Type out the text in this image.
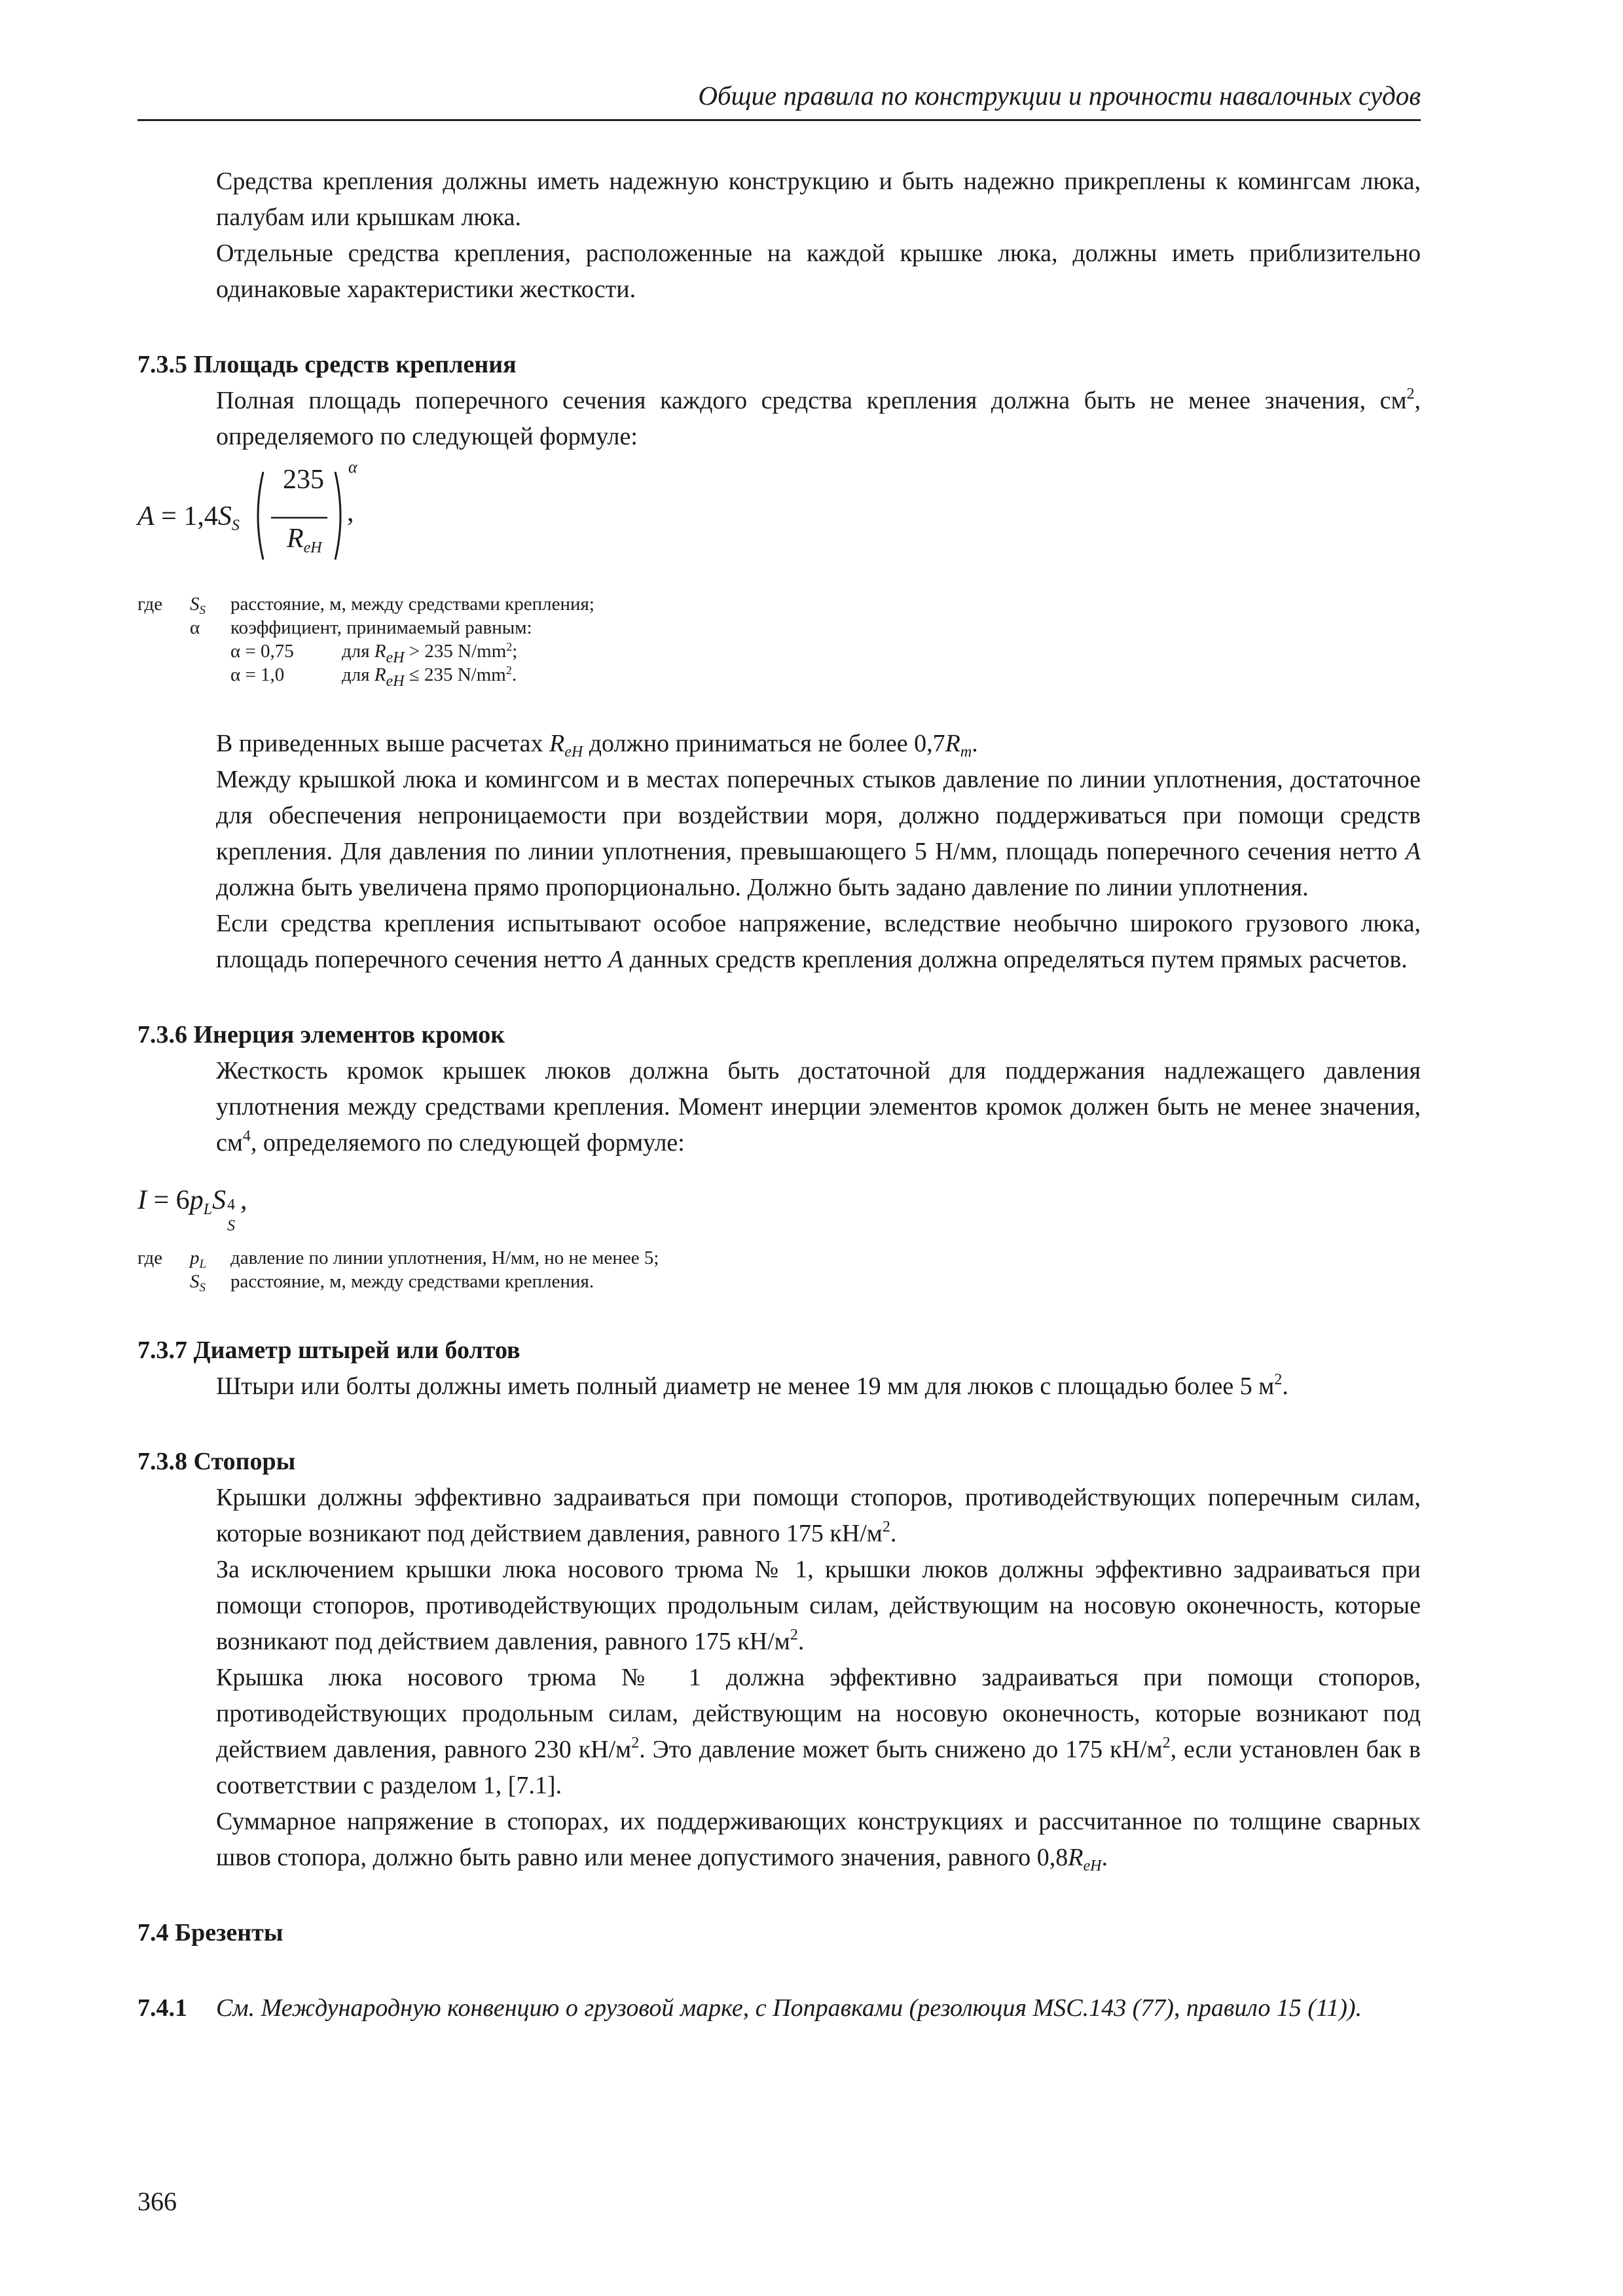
Общие правила по конструкции и прочности навалочных судов

Средства крепления должны иметь надежную конструкцию и быть надежно прикреплены к комингсам люка, палубам или крышкам люка.

Отдельные средства крепления, расположенные на каждой крышке люка, должны иметь приблизительно одинаковые характеристики жесткости.

7.3.5 Площадь средств крепления

Полная площадь поперечного сечения каждого средства крепления должна быть не менее значения, $см^2$, определяемого по следующей формуле:

$A = 1,4S_S$
235
$R_{eH}$
α
,
где	$S_S$	расстояние, м, между средствами крепления;
α	коэффициент, принимаемый равным:
α = 0,75	для $R_{eH} > 235$ $N/mm^2$;
α = 1,0	для $R_{eH} \le 235$ $N/mm^2$.

В приведенных выше расчетах $R_{eH}$ должно приниматься не более $0,7R_m$.

Между крышкой люка и комингсом и в местах поперечных стыков давление по линии уплотнения, достаточное для обеспечения непроницаемости при воздействии моря, должно поддерживаться при помощи средств крепления. Для давления по линии уплотнения, превышающего 5 Н/мм, площадь поперечного сечения нетто A должна быть увеличена прямо пропорционально. Должно быть задано давление по линии уплотнения.

Если средства крепления испытывают особое напряжение, вследствие необычно широкого грузового люка, площадь поперечного сечения нетто A данных средств крепления должна определяться путем прямых расчетов.

7.3.6 Инерция элементов кромок

Жесткость кромок крышек люков должна быть достаточной для поддержания надлежащего давления уплотнения между средствами крепления. Момент инерции элементов кромок должен быть не менее значения, $см^4$, определяемого по следующей формуле:

$I = 6p_LS$ 4
S
,
где	$p_L$	давление по линии уплотнения, Н/мм, но не менее 5;
$S_S$	расстояние, м, между средствами крепления.
7.3.7 Диаметр штырей или болтов

Штыри или болты должны иметь полный диаметр не менее 19 мм для люков с площадью более 5 $м^2$.

7.3.8 Стопоры

Крышки должны эффективно задраиваться при помощи стопоров, противодействующих поперечным силам, которые возникают под действием давления, равного 175 $кН/м^2$.

За исключением крышки люка носового трюма № 1, крышки люков должны эффективно задраиваться при помощи стопоров, противодействующих продольным силам, действующим на носовую оконечность, которые возникают под действием давления, равного 175 $кН/м^2$.

Крышка люка носового трюма № 1 должна эффективно задраиваться при помощи стопоров, противодействующих продольным силам, действующим на носовую оконечность, которые возникают под действием давления, равного 230 $кН/м^2$. Это давление может быть снижено до 175 $кН/м^2$, если установлен бак в соответствии с разделом 1, [7.1].

Суммарное напряжение в стопорах, их поддерживающих конструкциях и рассчитанное по толщине сварных швов стопора, должно быть равно или менее допустимого значения, равного $0,8R_{eH}$.

7.4 Брезенты

7.4.1 См. Международную конвенцию о грузовой марке, с Поправками (резолюция MSC.143 (77), правило 15 (11)).

366
